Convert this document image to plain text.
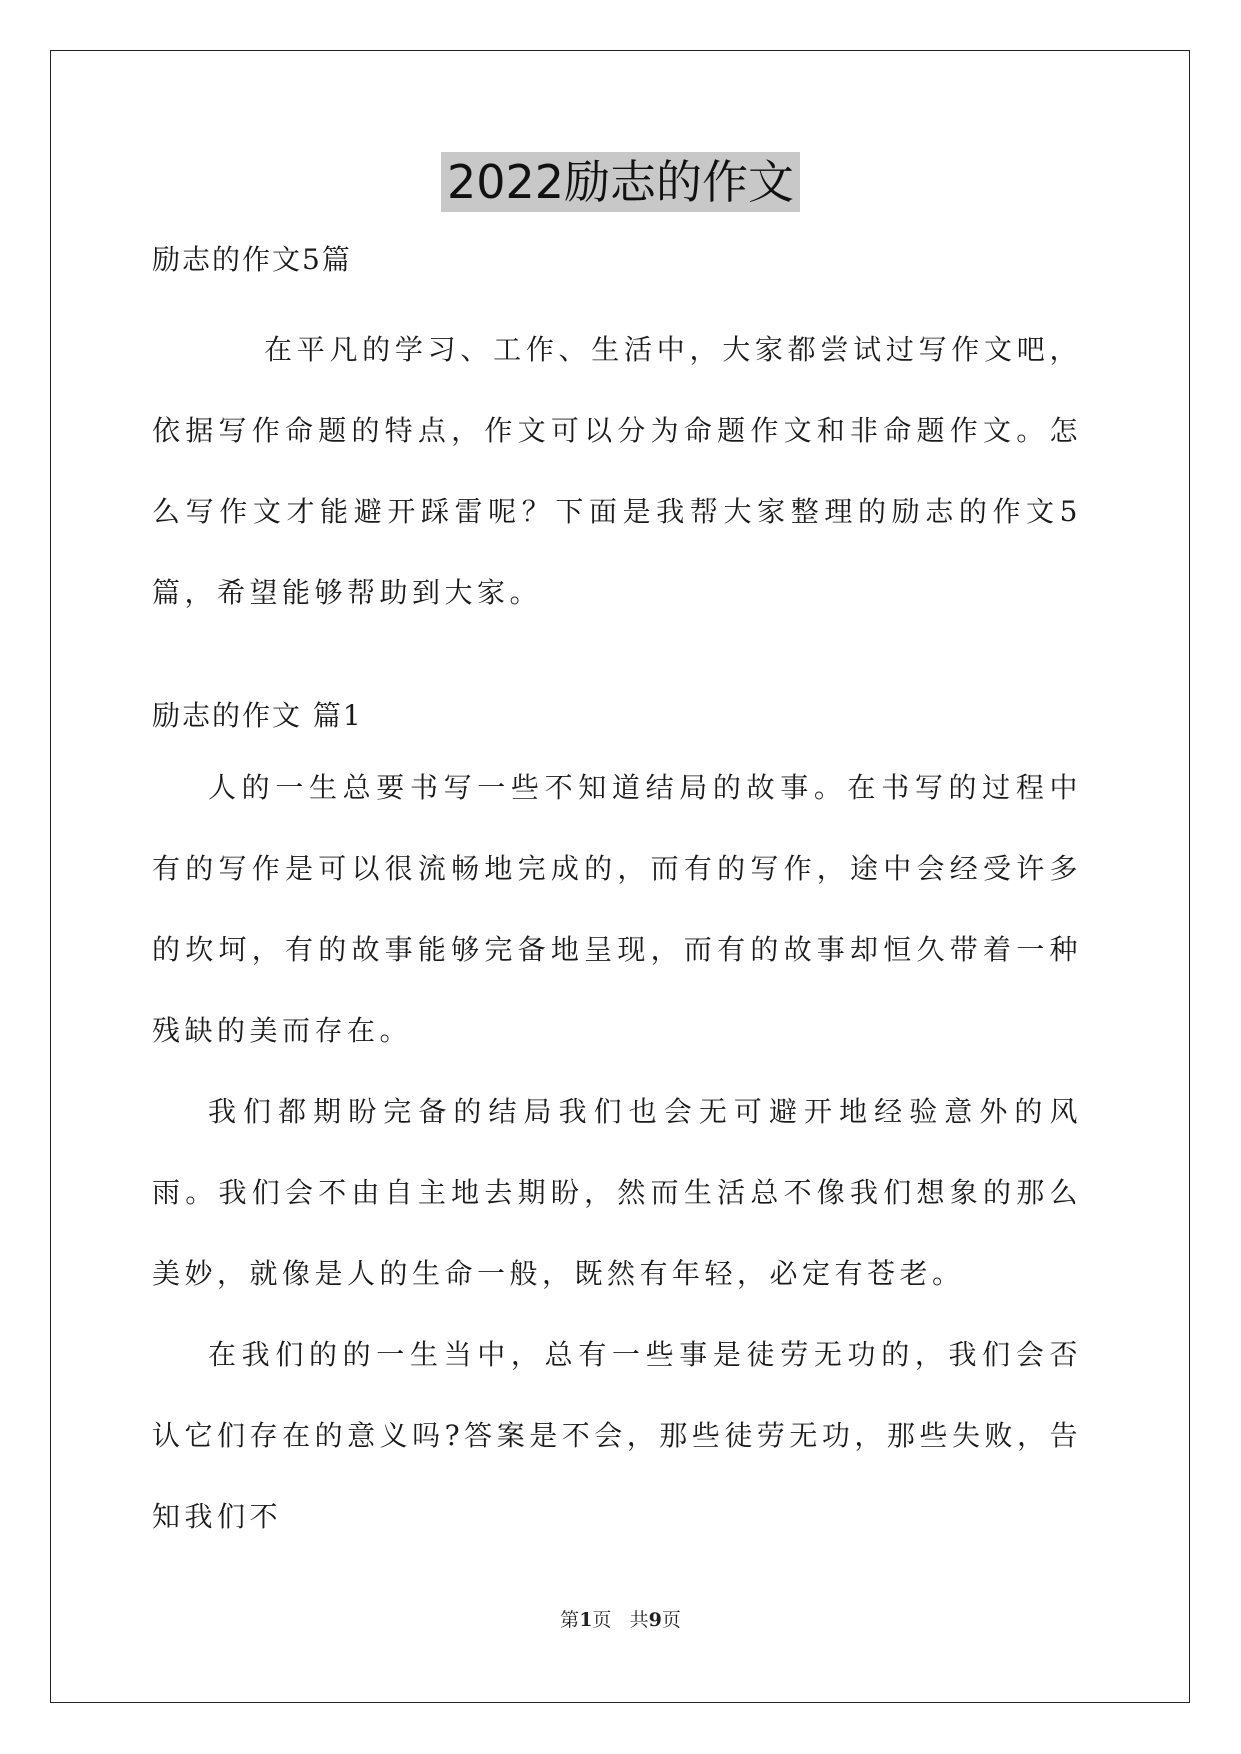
2022励志的作文

励志的作文5篇

在平凡的学习、工作、生活中，大家都尝试过写作文吧，依据写作命题的特点，作文可以分为命题作文和非命题作文。怎么写作文才能避开踩雷呢？下面是我帮大家整理的励志的作文5篇，希望能够帮助到大家。

励志的作文 篇1

人的一生总要书写一些不知道结局的故事。在书写的过程中有的写作是可以很流畅地完成的，而有的写作，途中会经受许多的坎坷，有的故事能够完备地呈现，而有的故事却恒久带着一种残缺的美而存在。

我们都期盼完备的结局我们也会无可避开地经验意外的风雨。我们会不由自主地去期盼，然而生活总不像我们想象的那么美妙，就像是人的生命一般，既然有年轻，必定有苍老。

在我们的的一生当中，总有一些事是徒劳无功的，我们会否认它们存在的意义吗?答案是不会，那些徒劳无功，那些失败，告知我们不

第1页 共9页
